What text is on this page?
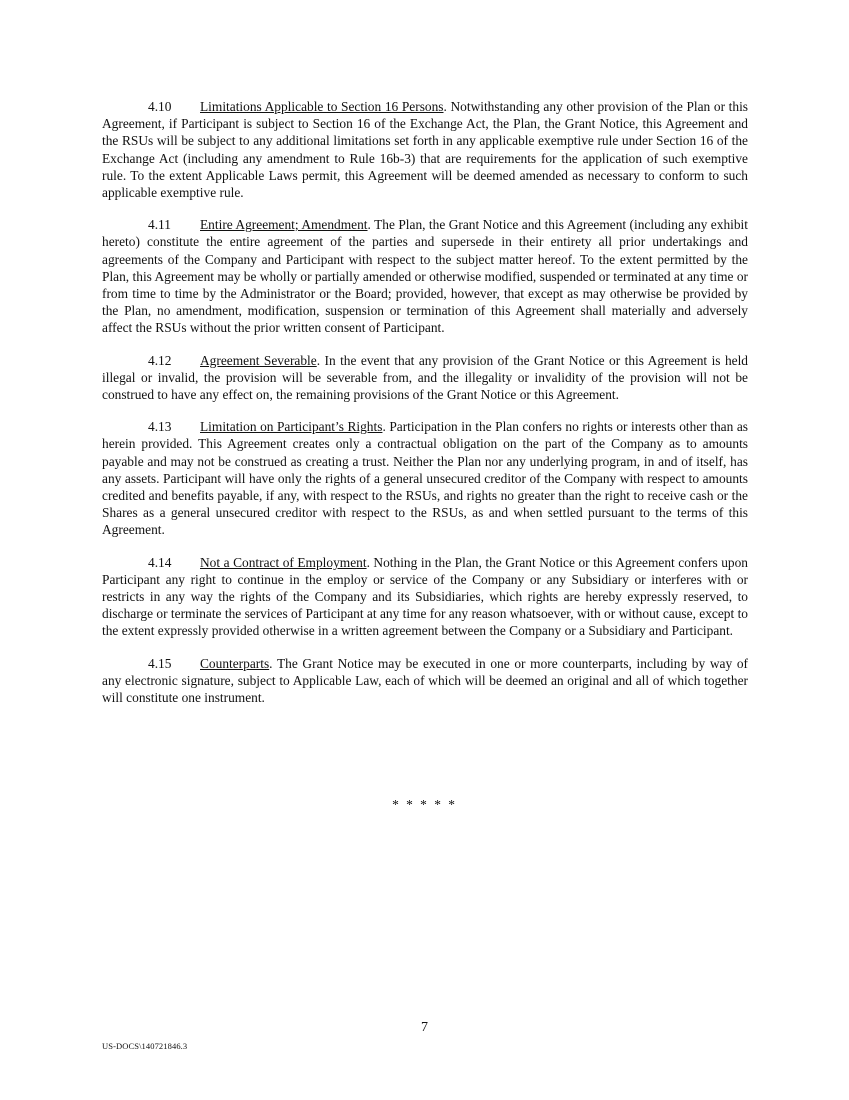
4.10 Limitations Applicable to Section 16 Persons. Notwithstanding any other provision of the Plan or this Agreement, if Participant is subject to Section 16 of the Exchange Act, the Plan, the Grant Notice, this Agreement and the RSUs will be subject to any additional limitations set forth in any applicable exemptive rule under Section 16 of the Exchange Act (including any amendment to Rule 16b-3) that are requirements for the application of such exemptive rule. To the extent Applicable Laws permit, this Agreement will be deemed amended as necessary to conform to such applicable exemptive rule.

4.11 Entire Agreement; Amendment. The Plan, the Grant Notice and this Agreement (including any exhibit hereto) constitute the entire agreement of the parties and supersede in their entirety all prior undertakings and agreements of the Company and Participant with respect to the subject matter hereof. To the extent permitted by the Plan, this Agreement may be wholly or partially amended or otherwise modified, suspended or terminated at any time or from time to time by the Administrator or the Board; provided, however, that except as may otherwise be provided by the Plan, no amendment, modification, suspension or termination of this Agreement shall materially and adversely affect the RSUs without the prior written consent of Participant.

4.12 Agreement Severable. In the event that any provision of the Grant Notice or this Agreement is held illegal or invalid, the provision will be severable from, and the illegality or invalidity of the provision will not be construed to have any effect on, the remaining provisions of the Grant Notice or this Agreement.

4.13 Limitation on Participant’s Rights. Participation in the Plan confers no rights or interests other than as herein provided. This Agreement creates only a contractual obligation on the part of the Company as to amounts payable and may not be construed as creating a trust. Neither the Plan nor any underlying program, in and of itself, has any assets. Participant will have only the rights of a general unsecured creditor of the Company with respect to amounts credited and benefits payable, if any, with respect to the RSUs, and rights no greater than the right to receive cash or the Shares as a general unsecured creditor with respect to the RSUs, as and when settled pursuant to the terms of this Agreement.

4.14 Not a Contract of Employment. Nothing in the Plan, the Grant Notice or this Agreement confers upon Participant any right to continue in the employ or service of the Company or any Subsidiary or interferes with or restricts in any way the rights of the Company and its Subsidiaries, which rights are hereby expressly reserved, to discharge or terminate the services of Participant at any time for any reason whatsoever, with or without cause, except to the extent expressly provided otherwise in a written agreement between the Company or a Subsidiary and Participant.

4.15 Counterparts. The Grant Notice may be executed in one or more counterparts, including by way of any electronic signature, subject to Applicable Law, each of which will be deemed an original and all of which together will constitute one instrument.

* * * * *
7
US-DOCS\140721846.3
